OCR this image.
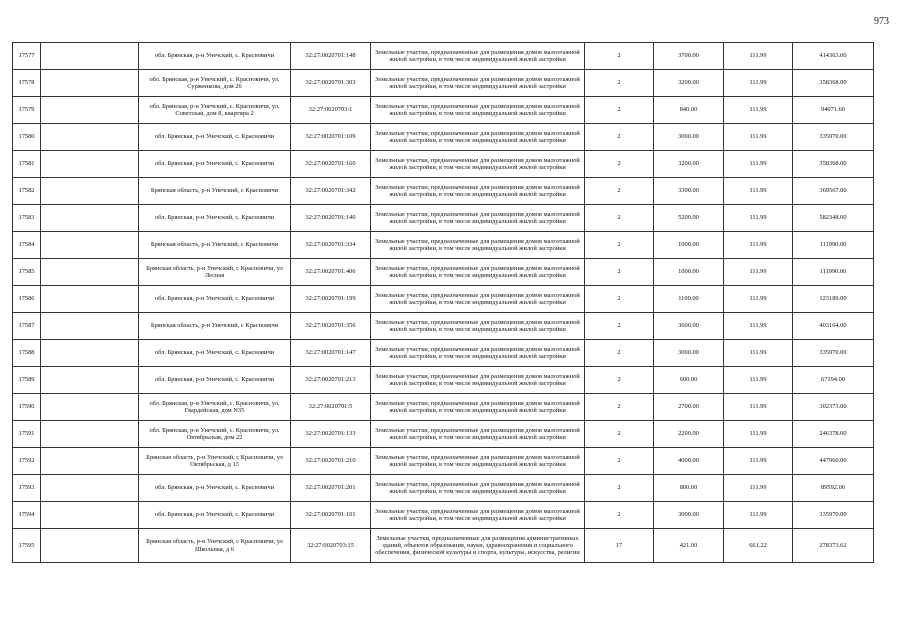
973
17577		обл. Брянская, р-н Унечский, с. Красновичи	32:27:0020701:148	Земельные участки, предназначенные для размещения домов малоэтажной жилой застройки, в том числе индивидуальной жилой застройки	2	3700.00	111.99	414363.00
17578		обл. Брянская, р-н Унечский, с. Красновичи, ул. Сурженкова, дом 26	32:27:0020701:303	Земельные участки, предназначенные для размещения домов малоэтажной жилой застройки, в том числе индивидуальной жилой застройки	2	3200.00	111.99	358368.00
17579		обл. Брянская, р-н Унечский, с. Красновичи, ул. Советская, дом 8, квартира 2	32:27:0020703:1	Земельные участки, предназначенные для размещения домов малоэтажной жилой застройки, в том числе индивидуальной жилой застройки	2	840.00	111.99	94071.60
17580		обл. Брянская, р-н Унечский, с. Красновичи	32:27:0020701:109	Земельные участки, предназначенные для размещения домов малоэтажной жилой застройки, в том числе индивидуальной жилой застройки	2	3000.00	111.99	335970.00
17581		обл. Брянская, р-н Унечский, с. Красновичи	32:27:0020701:160	Земельные участки, предназначенные для размещения домов малоэтажной жилой застройки, в том числе индивидуальной жилой застройки	2	3200.00	111.99	358368.00
17582		Брянская область, р-н Унечский, с Красновичи	32:27:0020701:342	Земельные участки, предназначенные для размещения домов малоэтажной жилой застройки, в том числе индивидуальной жилой застройки	2	3300.00	111.99	369567.00
17583		обл. Брянская, р-н Унечский, с. Красновичи	32:27:0020701:140	Земельные участки, предназначенные для размещения домов малоэтажной жилой застройки, в том числе индивидуальной жилой застройки	2	5200.00	111.99	582348.00
17584		Брянская область, р-н Унечский, с Красновичи	32:27:0020701:334	Земельные участки, предназначенные для размещения домов малоэтажной жилой застройки, в том числе индивидуальной жилой застройки	2	1000.00	111.99	111990.00
17585		Брянская область, р-н Унечский, с Красновичи, ул Лесная	32:27:0020701:406	Земельные участки, предназначенные для размещения домов малоэтажной жилой застройки, в том числе индивидуальной жилой застройки	2	1000.00	111.99	111990.00
17586		обл. Брянская, р-н Унечский, с. Красновичи	32:27:0020701:199	Земельные участки, предназначенные для размещения домов малоэтажной жилой застройки, в том числе индивидуальной жилой застройки	2	1100.00	111.99	123189.00
17587		Брянская область, р-н Унечский, с Красновичи	32:27:0020701:356	Земельные участки, предназначенные для размещения домов малоэтажной жилой застройки, в том числе индивидуальной жилой застройки	2	3600.00	111.99	403164.00
17588		обл. Брянская, р-н Унечский, с. Красновичи	32:27:0020701:147	Земельные участки, предназначенные для размещения домов малоэтажной жилой застройки, в том числе индивидуальной жилой застройки	2	3000.00	111.99	335970.00
17589		обл. Брянская, р-н Унечский, с. Красновичи	32:27:0020701:213	Земельные участки, предназначенные для размещения домов малоэтажной жилой застройки, в том числе индивидуальной жилой застройки	2	600.00	111.99	67194.00
17590		обл. Брянская, р-н Унечский, с. Красновичи, ул. Гвардейская, дом N35	32:27:0020701:5	Земельные участки, предназначенные для размещения домов малоэтажной жилой застройки, в том числе индивидуальной жилой застройки	2	2700.00	111.99	302373.00
17591		обл. Брянская, р-н Унечский, с. Красновичи, ул. Октябрьская, дом 22	32:27:0020701:133	Земельные участки, предназначенные для размещения домов малоэтажной жилой застройки, в том числе индивидуальной жилой застройки	2	2200.00	111.99	246378.00
17592		Брянская область, р-н Унечский, с Красновичи, ул Октябрьская, д 13	32:27:0020701:210	Земельные участки, предназначенные для размещения домов малоэтажной жилой застройки, в том числе индивидуальной жилой застройки	2	4000.00	111.99	447960.00
17593		обл. Брянская, р-н Унечский, с. Красновичи	32:27:0020701:201	Земельные участки, предназначенные для размещения домов малоэтажной жилой застройки, в том числе индивидуальной жилой застройки	2	800.00	111.99	89592.00
17594		обл. Брянская, р-н Унечский, с. Красновичи	32:27:0020701:101	Земельные участки, предназначенные для размещения домов малоэтажной жилой застройки, в том числе индивидуальной жилой застройки	2	3000.00	111.99	335970.00
17595		Брянская область, р-н Унечский, с Красновичи, ул Школьная, д 6	32:27:0020703:15	Земельные участки, предназначенные для размещения административных зданий, объектов образования, науки, здравоохранения и социального обеспечения, физической культуры и спорта, культуры, искусства, религии	17	421.00	661.22	278373.62
